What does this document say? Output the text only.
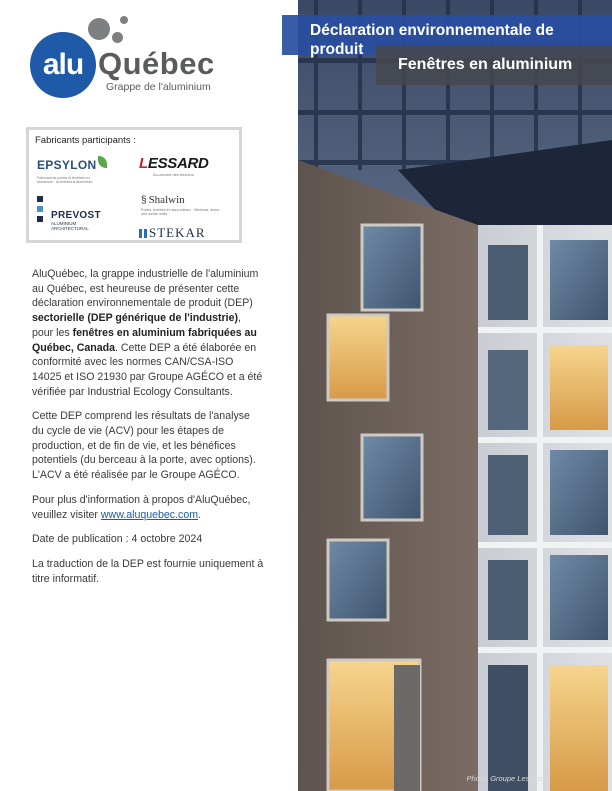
alu Québec
Grappe de l'aluminium
Fabricants participants :
EPSYLON
Fabricant de portes et fenêtres en aluminium · Architectural Aluminium
LESSARD
Au-devant des besoins
§ Shalwin
Portes, fenêtres et murs-rideaux · Windows, doors and curtain walls
PREVOST
ALUMINIUM
ARCHITECTURAL	STEKAR

AluQuébec, la grappe industrielle de l'aluminium au Québec, est heureuse de présenter cette déclaration environnementale de produit (DEP) sectorielle (DEP générique de l'industrie), pour les fenêtres en aluminium fabriquées au Québec, Canada. Cette DEP a été élaborée en conformité avec les normes CAN/CSA-ISO 14025 et ISO 21930 par Groupe AGÉCO et a été vérifiée par Industrial Ecology Consultants.

Cette DEP comprend les résultats de l'analyse du cycle de vie (ACV) pour les étapes de production, et de fin de vie, et les bénéfices potentiels (du berceau à la porte, avec options). L'ACV a été réalisée par le Groupe AGÉCO.

Pour plus d'information à propos d'AluQuébec, veuillez visiter www.aluquebec.com.

Date de publication : 4 octobre 2024

La traduction de la DEP est fournie uniquement à titre informatif.

Photo: Groupe Lessard
Déclaration environnementale de produit
Fenêtres en aluminium
